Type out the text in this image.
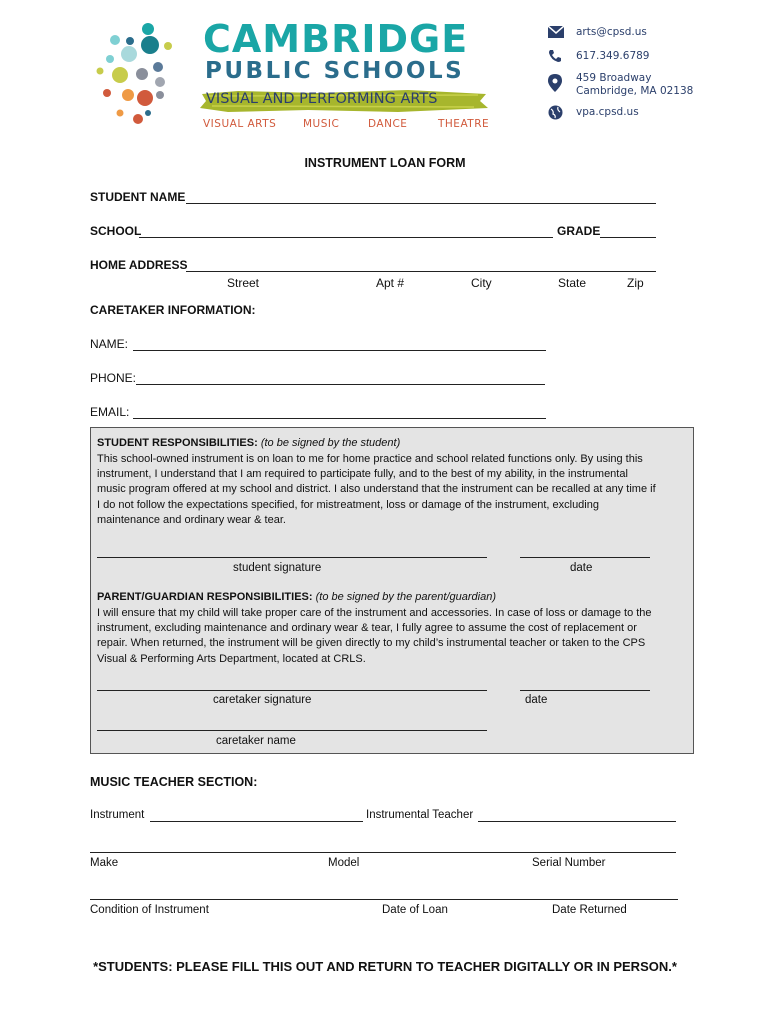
CAMBRIDGE
PUBLIC SCHOOLS
VISUAL AND PERFORMING ARTS
VISUAL ARTS	MUSIC	DANCE	THEATRE
arts@cpsd.us
617.349.6789
459 Broadway
Cambridge, MA 02138
vpa.cpsd.us
INSTRUMENT LOAN FORM
STUDENT NAME
SCHOOL	GRADE
HOME ADDRESS
Street	Apt #	City	State	Zip
CARETAKER INFORMATION:
NAME:
PHONE:
EMAIL:
STUDENT RESPONSIBILITIES: (to be signed by the student)
This school-owned instrument is on loan to me for home practice and school related functions only. By using this
instrument, I understand that I am required to participate fully, and to the best of my ability, in the instrumental
music program offered at my school and district. I also understand that the instrument can be recalled at any time if
I do not follow the expectations specified, for mistreatment, loss or damage of the instrument, excluding
maintenance and ordinary wear & tear.
student signature	date
PARENT/GUARDIAN RESPONSIBILITIES: (to be signed by the parent/guardian)
I will ensure that my child will take proper care of the instrument and accessories. In case of loss or damage to the
instrument, excluding maintenance and ordinary wear & tear, I fully agree to assume the cost of replacement or
repair. When returned, the instrument will be given directly to my child’s instrumental teacher or taken to the CPS
Visual & Performing Arts Department, located at CRLS.
caretaker signature	date
caretaker name
MUSIC TEACHER SECTION:
Instrument	Instrumental Teacher
Make	Model	Serial Number
Condition of Instrument	Date of Loan	Date Returned
*STUDENTS: PLEASE FILL THIS OUT AND RETURN TO TEACHER DIGITALLY OR IN PERSON.*
